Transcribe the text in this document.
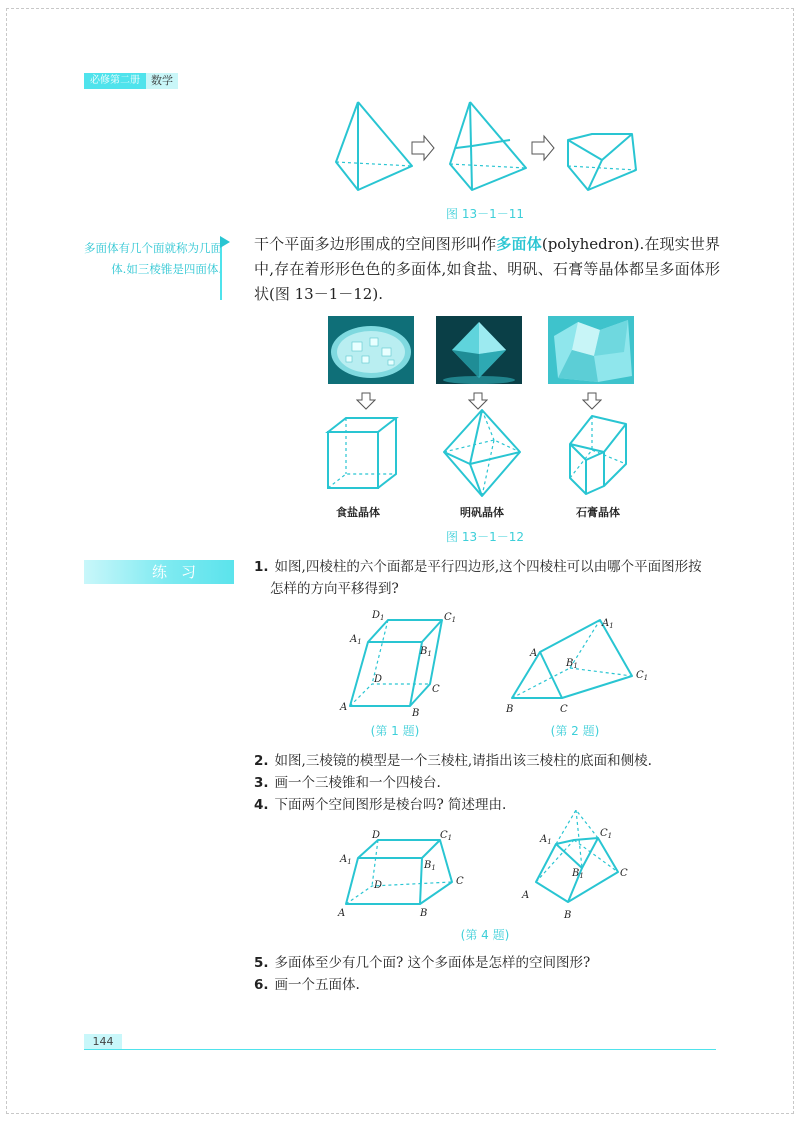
必修第二册	数学
图 13－1－11
多面体有几个面就称为几面体.如三棱锥是四面体.
干个平面多边形围成的空间图形叫作多面体(polyhedron).在现实世界中,存在着形形色色的多面体,如食盐、明矾、石膏等晶体都呈多面体形状(图 13－1－12).
食盐晶体	明矾晶体	石膏晶体
图 13－1－12
练习	1. 如图,四棱柱的六个面都是平行四边形,这个四棱柱可以由哪个平面图形按
怎样的方向平移得到?
$D_1$	$C_1$
$A_1$
$B_1$
D
C
A
B
$A_1$
A
$B_1$
$C_1$
B	C
(第 1 题)	(第 2 题)
2. 如图,三棱镜的模型是一个三棱柱,请指出该三棱柱的底面和侧棱.
3. 画一个三棱锥和一个四棱台.
4. 下面两个空间图形是棱台吗? 简述理由.
D	$C_1$
$A_1$	$B_1$
D	C
A	B
$A_1$
$C_1$
$B_1$	C
A
B
(第 4 题)
5. 多面体至少有几个面? 这个多面体是怎样的空间图形?
6. 画一个五面体.
144
